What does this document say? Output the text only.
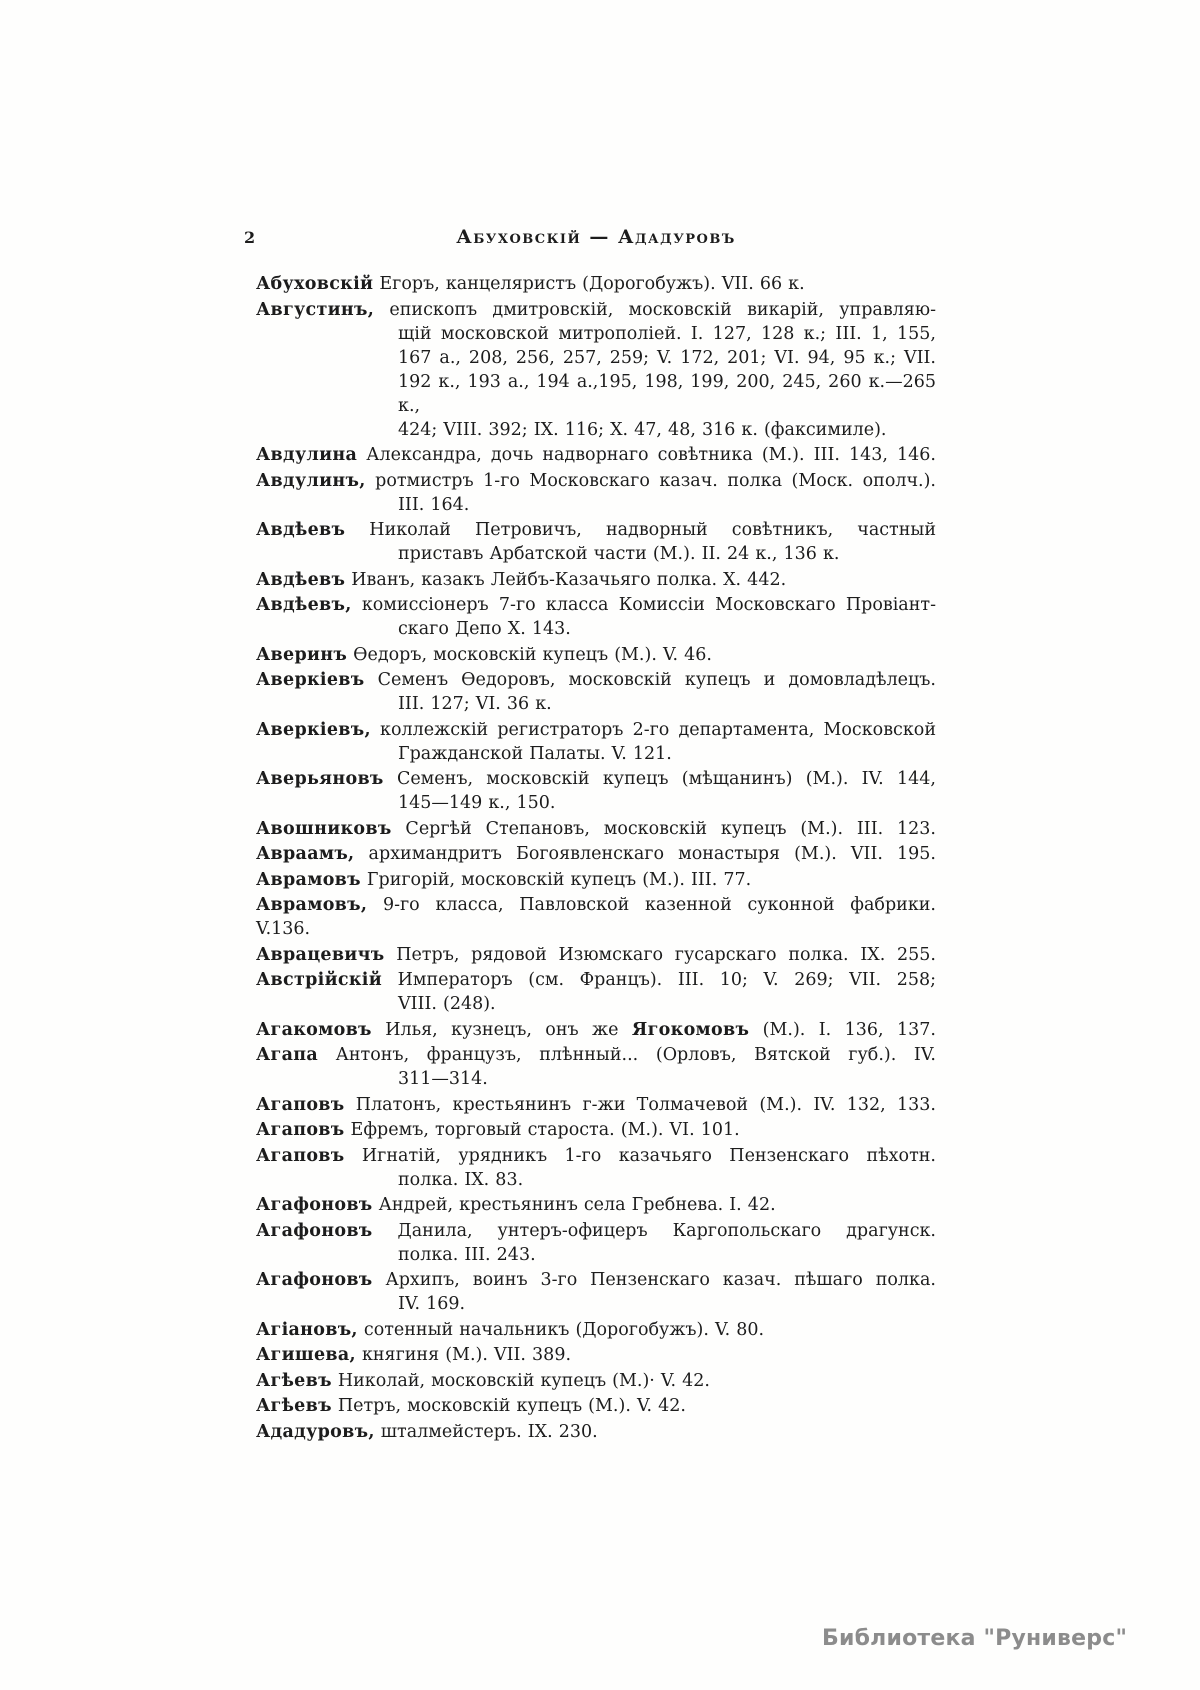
2	Абуховскій — Ададуровъ
Абуховскій Егоръ, канцеляристъ (Дорогобужъ). VII. 66 к.
Августинъ, епископъ дмитровскій, московскій викарій, управляю-
щій московской митрополіей. I. 127, 128 к.; III. 1, 155,
167 а., 208, 256, 257, 259; V. 172, 201; VI. 94, 95 к.; VII.
192 к., 193 а., 194 а.,195, 198, 199, 200, 245, 260 к.—265 к.,
424; VIII. 392; IX. 116; X. 47, 48, 316 к. (факсимиле).
Авдулина Александра, дочь надворнаго совѣтника (М.). III. 143, 146.
Авдулинъ, ротмистръ 1-го Московскаго казач. полка (Моск. ополч.).
III. 164.
Авдѣевъ Николай Петровичъ, надворный совѣтникъ, частный
приставъ Арбатской части (М.). II. 24 к., 136 к.
Авдѣевъ Иванъ, казакъ Лейбъ-Казачьяго полка. X. 442.
Авдѣевъ, комиссіонеръ 7-го класса Комиссіи Московскаго Провіант-
скаго Депо X. 143.
Аверинъ Ѳедоръ, московскій купецъ (М.). V. 46.
Аверкіевъ Семенъ Ѳедоровъ, московскій купецъ и домовладѣлецъ.
III. 127; VI. 36 к.
Аверкіевъ, коллежскій регистраторъ 2-го департамента, Московской
Гражданской Палаты. V. 121.
Аверьяновъ Семенъ, московскій купецъ (мѣщанинъ) (М.). IV. 144,
145—149 к., 150.
Авошниковъ Сергѣй Степановъ, московскій купецъ (М.). III. 123.
Авраамъ, архимандритъ Богоявленскаго монастыря (М.). VII. 195.
Аврамовъ Григорій, московскій купецъ (М.). III. 77.
Аврамовъ, 9-го класса, Павловской казенной суконной фабрики. V.136.
Аврацевичъ Петръ, рядовой Изюмскаго гусарскаго полка. IX. 255.
Австрійскій Императоръ (см. Францъ). III. 10; V. 269; VII. 258;
VIII. (248).
Агакомовъ Илья, кузнецъ, онъ же Ягокомовъ (М.). I. 136, 137.
Агапа Антонъ, французъ, плѣнный... (Орловъ, Вятской губ.). IV.
311—314.
Агаповъ Платонъ, крестьянинъ г-жи Толмачевой (М.). IV. 132, 133.
Агаповъ Ефремъ, торговый староста. (М.). VI. 101.
Агаповъ Игнатій, урядникъ 1-го казачьяго Пензенскаго пѣхотн.
полка. IX. 83.
Агафоновъ Андрей, крестьянинъ села Гребнева. I. 42.
Агафоновъ Данила, унтеръ-офицеръ Каргопольскаго драгунск.
полка. III. 243.
Агафоновъ Архипъ, воинъ 3-го Пензенскаго казач. пѣшаго полка.
IV. 169.
Агіановъ, сотенный начальникъ (Дорогобужъ). V. 80.
Агишева, княгиня (М.). VII. 389.
Агѣевъ Николай, московскій купецъ (М.)· V. 42.
Агѣевъ Петръ, московскій купецъ (М.). V. 42.
Ададуровъ, шталмейстеръ. IX. 230.
Библиотека "Руниверс"
